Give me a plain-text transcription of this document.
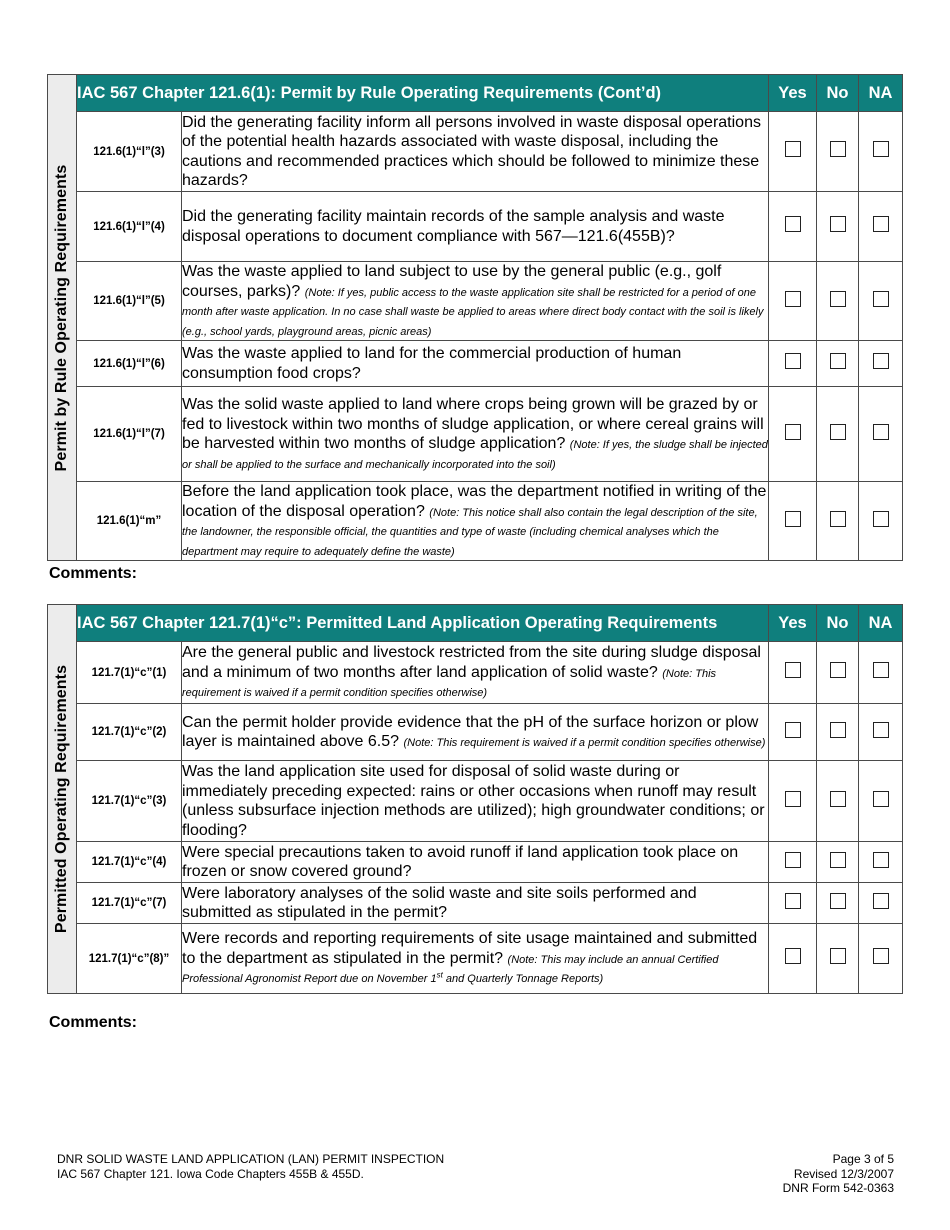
Permit by Rule Operating Requirements	IAC 567 Chapter 121.6(1): Permit by Rule Operating Requirements (Cont’d)		Yes	No	NA
	121.6(1)“l”(3)	Did the generating facility inform all persons involved in waste disposal operations of the potential health hazards associated with waste disposal, including the cautions and recommended practices which should be followed to minimize these hazards?			
	121.6(1)“l”(4)	Did the generating facility maintain records of the sample analysis and waste disposal operations to document compliance with 567—121.6(455B)?			
	121.6(1)“l”(5)	Was the waste applied to land subject to use by the general public (e.g., golf courses, parks)? (Note: If yes, public access to the waste application site shall be restricted for a period of one month after waste application. In no case shall waste be applied to areas where direct body contact with the soil is likely (e.g., school yards, playground areas, picnic areas)			
	121.6(1)“l”(6)	Was the waste applied to land for the commercial production of human consumption food crops?			
	121.6(1)“l”(7)	Was the solid waste applied to land where crops being grown will be grazed by or fed to livestock within two months of sludge application, or where cereal grains will be harvested within two months of sludge application? (Note: If yes, the sludge shall be injected or shall be applied to the surface and mechanically incorporated into the soil)			
	121.6(1)“m”	Before the land application took place, was the department notified in writing of the location of the disposal operation? (Note: This notice shall also contain the legal description of the site, the landowner, the responsible official, the quantities and type of waste (including chemical analyses which the department may require to adequately define the waste)			
Comments:
Permitted Operating Requirements	IAC 567 Chapter 121.7(1)“c”: Permitted Land Application Operating Requirements		Yes	No	NA
	121.7(1)“c”(1)	Are the general public and livestock restricted from the site during sludge disposal and a minimum of two months after land application of solid waste? (Note: This requirement is waived if a permit condition specifies otherwise)			
	121.7(1)“c”(2)	Can the permit holder provide evidence that the pH of the surface horizon or plow layer is maintained above 6.5? (Note: This requirement is waived if a permit condition specifies otherwise)			
	121.7(1)“c”(3)	Was the land application site used for disposal of solid waste during or immediately preceding expected: rains or other occasions when runoff may result (unless subsurface injection methods are utilized); high groundwater conditions; or flooding?			
	121.7(1)“c”(4)	Were special precautions taken to avoid runoff if land application took place on frozen or snow covered ground?			
	121.7(1)“c”(7)	Were laboratory analyses of the solid waste and site soils performed and submitted as stipulated in the permit?			
	121.7(1)“c”(8)”	Were records and reporting requirements of site usage maintained and submitted to the department as stipulated in the permit? (Note: This may include an annual Certified Professional Agronomist Report due on November 1st and Quarterly Tonnage Reports)			
Comments:
DNR SOLID WASTE LAND APPLICATION (LAN) PERMIT INSPECTION
IAC 567 Chapter 121. Iowa Code Chapters 455B & 455D.
Page 3 of 5
Revised 12/3/2007
DNR Form 542-0363
